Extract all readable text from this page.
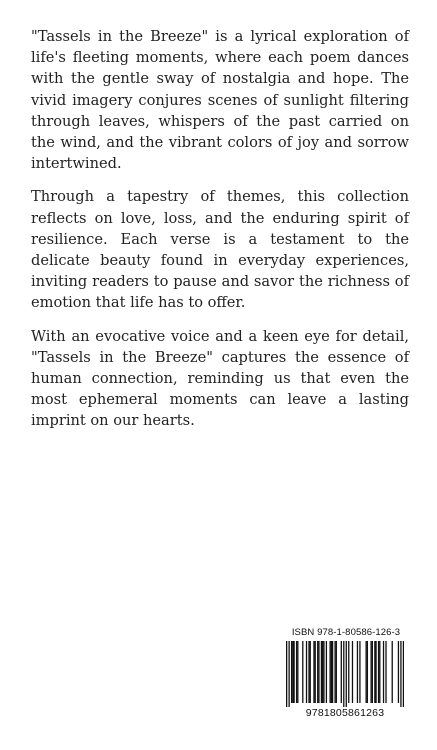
"Tassels in the Breeze" is a lyrical exploration of life's fleeting moments, where each poem dances with the gentle sway of nostalgia and hope. The vivid imagery conjures scenes of sunlight filtering through leaves, whispers of the past carried on the wind, and the vibrant colors of joy and sorrow intertwined.

Through a tapestry of themes, this collection reflects on love, loss, and the enduring spirit of resilience. Each verse is a testament to the delicate beauty found in everyday experiences, inviting readers to pause and savor the richness of emotion that life has to offer.

With an evocative voice and a keen eye for detail, "Tassels in the Breeze" captures the essence of human connection, reminding us that even the most ephemeral moments can leave a lasting imprint on our hearts.

ISBN 978-1-80586-126-3
9781805861263
